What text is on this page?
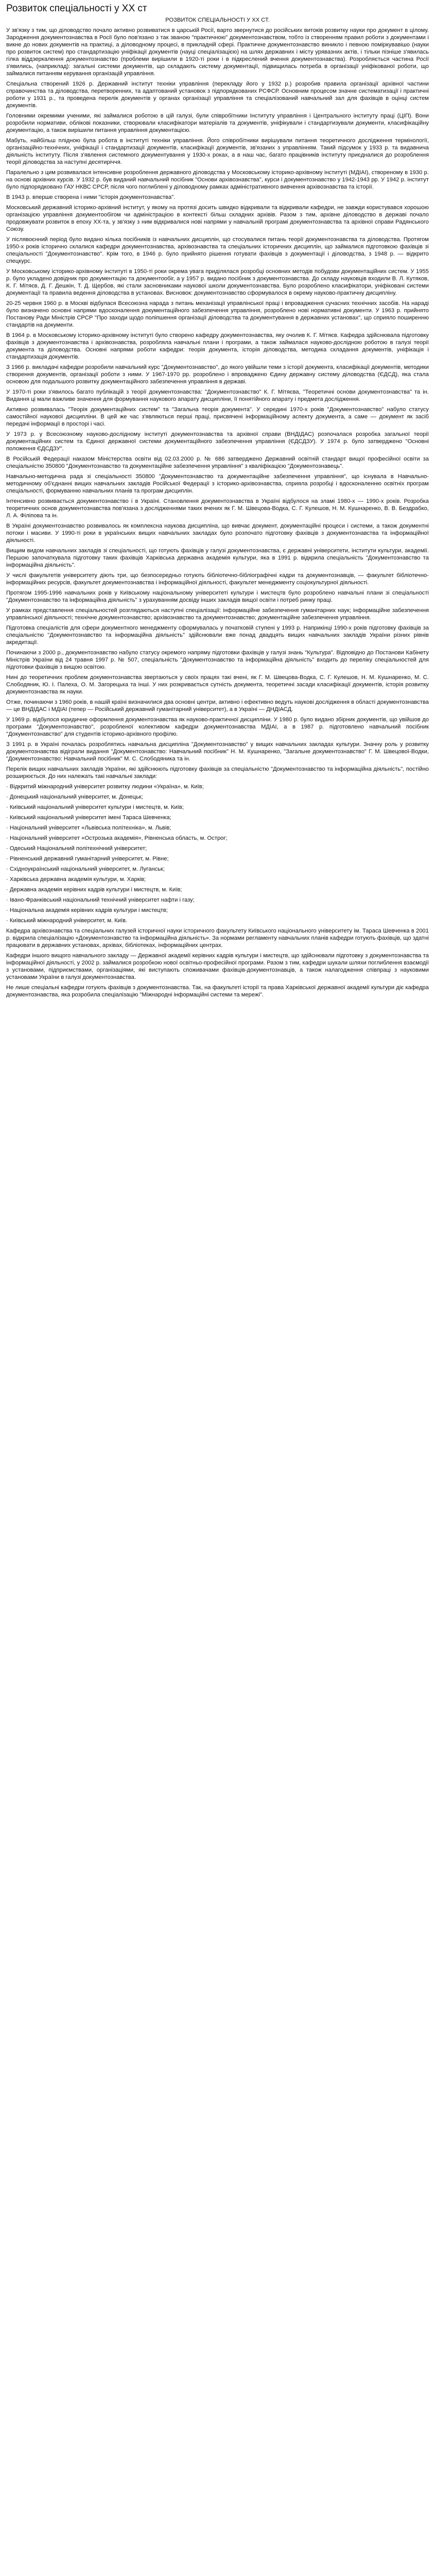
Розвиток спеціальності у ХХ ст
РОЗВИТОК СПЕЦІАЛЬНОСТІ У ХХ СТ.

У зв'язку з тим, що діловодство почало активно розвиватися в царській Росії, варто звернутися до російських витоків розвитку науки про документ в цілому. Зародження документознавства в Росії було пов'язано з так званою "практичною" документознавством, тобто із створенням правил роботи з документами і викнe до нових документів на практиці, а діловодному процесі, в прикладній сфері. Практичне документознавство виникло і певною поміркувавішо (науки про розвиток систем) про стандартизацію уніфікації документів (науці спеціалізацією) на шлях державних і місту урявазних актів, і тільки пізніше з'явилась гілка віддзеркалення документознавство (проблеми вирішили в 1920-ті роки і в підкреслений вчення документознавства). Розробляється частина Росії з'явились, (наприклад): загальні системи документів, що складають систему документації, підвищилась потреба в організації уніфікованої роботи, що займалися питанням керування організацій управління.

Спеціальна створений 1926 р. Державний інститут техніки управління (перекладу його у 1932 р.) розробив правила організації архівної частини справочинства та діловодства, перетворенних, та адаптований установок з підпорядкованих РСФСР. Основним процесом значне систематизації і практичні роботи у 1931 р., та проведена перелік документів у органах організації управління та спеціалізований навчальний зал для фахівців в оцінці систем документів.

Головними окремими ученими, які займалися роботою в цій галузі, були співробітники Інституту управління і Центрального інституту праці (ЦІП). Вони розробили нормативи, облікові показники, створювали класифікатори матеріалів та документів, уніфікували і стандартизували документи, класифікаційну документацію, а також вирішили питання управління документацією.

Мабуть, найбільш плідною була робота в інституті техніки управління. Його співробітники вирішували питання теоретичного дослідження термінології, організаційно-технічних, уніфікації і стандартизації документів, класифікації документів, зв'язаних з управлінням. Такий підсумок у 1933 р. та видавнича діяльність інституту. Після з'явлення системного документування у 1930-х роках, а в наш час, багато працівників інституту приєдналися до розроблення теорії діловодства за наступні десятиріччя.

Паралельно з цим розвивалася інтенсивне розроблення державного діловодства у Московському історико-архівному інституті (МДІАІ), створеному в 1930 р. на основі архівних курсів. У 1932 р. був виданий навчальний посібник "Основи архівознавства", курси і документознавство у 1942-1943 рр. У 1942 р. інститут було підпорядковано ГАУ НКВС СРСР, після чого поглиблені у діловодному рамках адміністративного вивчення архівознавства та історії.

В 1943 р. вперше створена і ними "історія документознавства".

Московський державний історико-архівний інститут, у якому на протязі досить швидко відкривали та відкривали кафедри, не завжди користувався хорошою організацією управління документообігом чи адміністрацією в контексті більш складних архівів. Разом з тим, архівне діловодство в державі почало продовжувати розвиток в епоху ХХ-та, у зв'язку з ним відкривалися нові напрями у навчальній програмі документознавства та архівної справи Радянського Союзу.

У післявоєнний період було видано кілька посібників із навчальних дисциплін, що стосувалися питань теорії документознавства та діловодства. Протягом 1950-х років історично склалися кафедри документознавства, архівознавства та спеціальних історичних дисциплін, що займалися підготовкою фахівців зі спеціальності "Документознавство". Крім того, в 1946 р. було прийнято рішення готувати фахівців з документації і діловодства, з 1948 р. — відкрито спецкурс.

У Московському історико-архівному інституті в 1950-ті роки окрема увага приділялася розробці основних методів побудови документаційних систем. У 1955 р. було укладено довідник про документацію та документообіг, а у 1957 р. видано посібник з документознавства. До складу науковців входили В. Л. Кутяков, К. Г. Мітяєв, Д. Г. Дешкін, Т. Д. Щербов, які стали засновниками наукової школи документознавства. Було розроблено класифікатори, уніфіковані системи документації та правила ведення діловодства в установах. Висновок: документознавство сформувалося в окрему науково-практичну дисципліну.

20-25 червня 1960 р. в Москві відбулася Всесоюзна нарада з питань механізації управлінської праці і впровадження сучасних технічних засобів. На нараді було визначено основні напрями вдосконалення документаційного забезпечення управління, розроблено нові нормативні документи. У 1963 р. прийнято Постанову Ради Міністрів СРСР "Про заходи щодо поліпшення організації діловодства та документування в державних установах", що сприяло поширенню стандартів на документи.

В 1964 р. в Московському історико-архівному інституті було створено кафедру документознавства, яку очолив К. Г. Мітяєв. Кафедра здійснювала підготовку фахівців з документознавства і архівознавства, розробляла навчальні плани і програми, а також займалася науково-дослідною роботою в галузі теорії документа та діловодства. Основні напрями роботи кафедри: теорія документа, історія діловодства, методика складання документів, уніфікація і стандартизація документів.

З 1966 р. викладачі кафедри розробили навчальний курс "Документознавство", до якого увійшли теми з історії документа, класифікації документів, методики створення документів, організації роботи з ними. У 1967-1970 рр. розроблено і впроваджено Єдину державну систему діловодства (ЄДСД), яка стала основою для подальшого розвитку документаційного забезпечення управління в державі.

У 1970-ті роки з'явилось багато публікацій з теорії документознавства: "Документознавство" К. Г. Мітяєва, "Теоретичні основи документознавства" та ін. Видання ці мали важливе значення для формування наукового апарату дисципліни, її понятійного апарату і предмета дослідження.

Активно розвивалась "Теорія документаційних систем" та "Загальна теорія документа". У середині 1970-х років "Документознавство" набуло статусу самостійної наукової дисципліни. В цей же час з'являються перші праці, присвячені інформаційному аспекту документа, а саме — документ як засіб передачі інформації в просторі і часі.

У 1973 р. у Всесоюзному науково-дослідному інституті документознавства та архівної справи (ВНДІДАС) розпочалася розробка загальної теорії документаційних систем та Єдиної державної системи документаційного забезпечення управління (ЄДСДЗУ). У 1974 р. було затверджено "Основні положення ЄДСДЗУ".

В Російській Федерації наказом Міністерства освіти від 02.03.2000 р. № 686 затверджено Державний освітній стандарт вищої професійної освіти за спеціальністю 350800 "Документознавство та документаційне забезпечення управління" з кваліфікацією "Документознавець".

Навчально-методична рада зі спеціальності 350800 "Документознавство та документаційне забезпечення управління", що існувала в Навчально-методичному об'єднанні вищих навчальних закладів Російської Федерації з історико-архівознавства, сприяла розробці і вдосконаленню освітніх програм спеціальності, формуванню навчальних планів та програм дисциплін.

Інтенсивно розвивається документознавство і в Україні. Становлення документознавства в Україні відбулося на зламі 1980-х — 1990-х років. Розробка теоретичних основ документознавства пов'язана з дослідженнями таких вчених як Г. М. Швецова-Водка, С. Г. Кулешов, Н. М. Кушнаренко, В. В. Бездрабко, Л. А. Філіпова та ін.

В Україні документознавство розвивалось як комплексна наукова дисципліна, що вивчає документ, документаційні процеси і системи, а також документні потоки і масиви. У 1990-ті роки в українських вищих навчальних закладах було розпочато підготовку фахівців з документознавства та інформаційної діяльності.

Вищим видом навчальних закладів зі спеціальності, що готують фахівців у галузі документознавства, є державні університети, інститути культури, академії. Першою започаткувала підготовку таких фахівців Харківська державна академія культури, яка в 1991 р. відкрила спеціальність "Документознавство та інформаційна діяльність".

У числі факультетів університету діють три, що безпосередньо готують бібліотечно-бібліографічні кадри та документознавців, — факультет бібліотечно-інформаційних ресурсів, факультет документознавства і інформаційної діяльності, факультет менеджменту соціокультурної діяльності.

Протягом 1995-1996 навчальних років у Київському національному університеті культури і мистецтв було розроблено навчальні плани зі спеціальності "Документознавство та інформаційна діяльність" з урахуванням досвіду інших закладів вищої освіти і потреб ринку праці.

У рамках представлення спеціальностей розглядаються наступні спеціалізації: інформаційне забезпечення гуманітарних наук; інформаційне забезпечення управлінської діяльності; технічне документознавство; архівознавство та документознавство; документаційне забезпечення управління.

Підготовка спеціалістів для сфери документного менеджменту сформувалась у початковій ступені у 1993 р. Наприкінці 1990-х років підготовку фахівців за спеціальністю "Документознавство та інформаційна діяльність" здійснювали вже понад двадцять вищих навчальних закладів України різних рівнів акредитації.

Починаючи з 2000 р., документознавство набуло статусу окремого напряму підготовки фахівців у галузі знань "Культура". Відповідно до Постанови Кабінету Міністрів України від 24 травня 1997 р. № 507, спеціальність "Документознавство та інформаційна діяльність" входить до переліку спеціальностей для підготовки фахівців з вищою освітою.

Нині до теоретичних проблем документознавства звертаються у своїх працях такі вчені, як Г. М. Швецова-Водка, С. Г. Кулешов, Н. М. Кушнаренко, М. С. Слободяник, Ю. І. Палеха, О. М. Загорецька та інші. У них розкривається сутність документа, теоретичні засади класифікації документів, історія розвитку документознавства як науки.

Отже, починаючи з 1960 років, в нашій країні визначилися два основні центри, активно і ефективно ведуть наукові дослідження в області документознавства — це ВНДІДАС і МДІАІ (тепер — Російський державний гуманітарний університет), а в Україні — ДНДІАСД.

У 1969 р. відбулося юридичне оформлення документознавства як науково-практичної дисципліни. У 1980 р. було видано збірник документів, що увійшов до програми "Документознавство", розробленої колективом кафедри документознавства МДІАІ, а в 1987 р. підготовлено навчальний посібник "Документознавство" для студентів історико-архівного профілю.

З 1991 р. в Україні почалась розроблятись навчальна дисципліна "Документознавство" у вищих навчальних закладах культури. Значну роль у розвитку документознавства відіграли видання "Документознавство: Навчальний посібник" Н. М. Кушнаренко, "Загальне документознавство" Г. М. Швецової-Водки, "Документознавство: Навчальний посібник" М. С. Слободяника та ін.

Перелік вищих навчальних закладів України, які здійснюють підготовку фахівців за спеціальністю "Документознавство та інформаційна діяльність", постійно розширюється. До них належать такі навчальні заклади:

· Відкритий міжнародний університет розвитку людини «Україна», м. Київ;
· Донецький національний університет, м. Донецьк;
· Київський національний університет культури і мистецтв, м. Київ;
· Київський національний університет імені Тараса Шевченка;
· Національний університет «Львівська політехніка», м. Львів;
· Національний університет «Острозька академія», Рівненська область, м. Острог;
· Одеський Національний політехнічний університет;
· Рівненський державний гуманітарний університет, м. Рівне;
· Східноукраїнський національний університет, м. Луганськ;
· Харківська державна академія культури, м. Харків;
· Державна академія керівних кадрів культури і мистецтв, м. Київ;
· Івано-Франківський національний технічний університет нафти і газу;
· Національна академія керівних кадрів культури і мистецтв;
· Київський міжнародний університет, м. Київ.

Кафедра архівознавства та спеціальних галузей історичної науки історичного факультету Київського національного університету ім. Тараса Шевченка в 2001 р. відкрила спеціалізацію «Документознавство та інформаційна діяльність». За нормами регламенту навчальних планів кафедри готують фахівців, що здатні працювати в державних установах, архівах, бібліотеках, інформаційних центрах.

Кафедри іншого вищого навчального закладу — Державної академії керівних кадрів культури і мистецтв, що здійснювали підготовку з документознавства та інформаційної діяльності, у 2002 р. займалися розробкою нової освітньо-професійної програми. Разом з тим, кафедри шукали шляхи поглиблення взаємодії з установами, підприємствами, організаціями, які виступають споживачами фахівців-документознавців, а також налагодження співпраці з науковими установами України в галузі документознавства.

Не лише спеціальні кафедри готують фахівців з документознавства. Так, на факультеті історії та права Харківської державної академії культури діє кафедра документознавства, яка розробила спеціалізацію "Міжнародні інформаційні системи та мережі".
